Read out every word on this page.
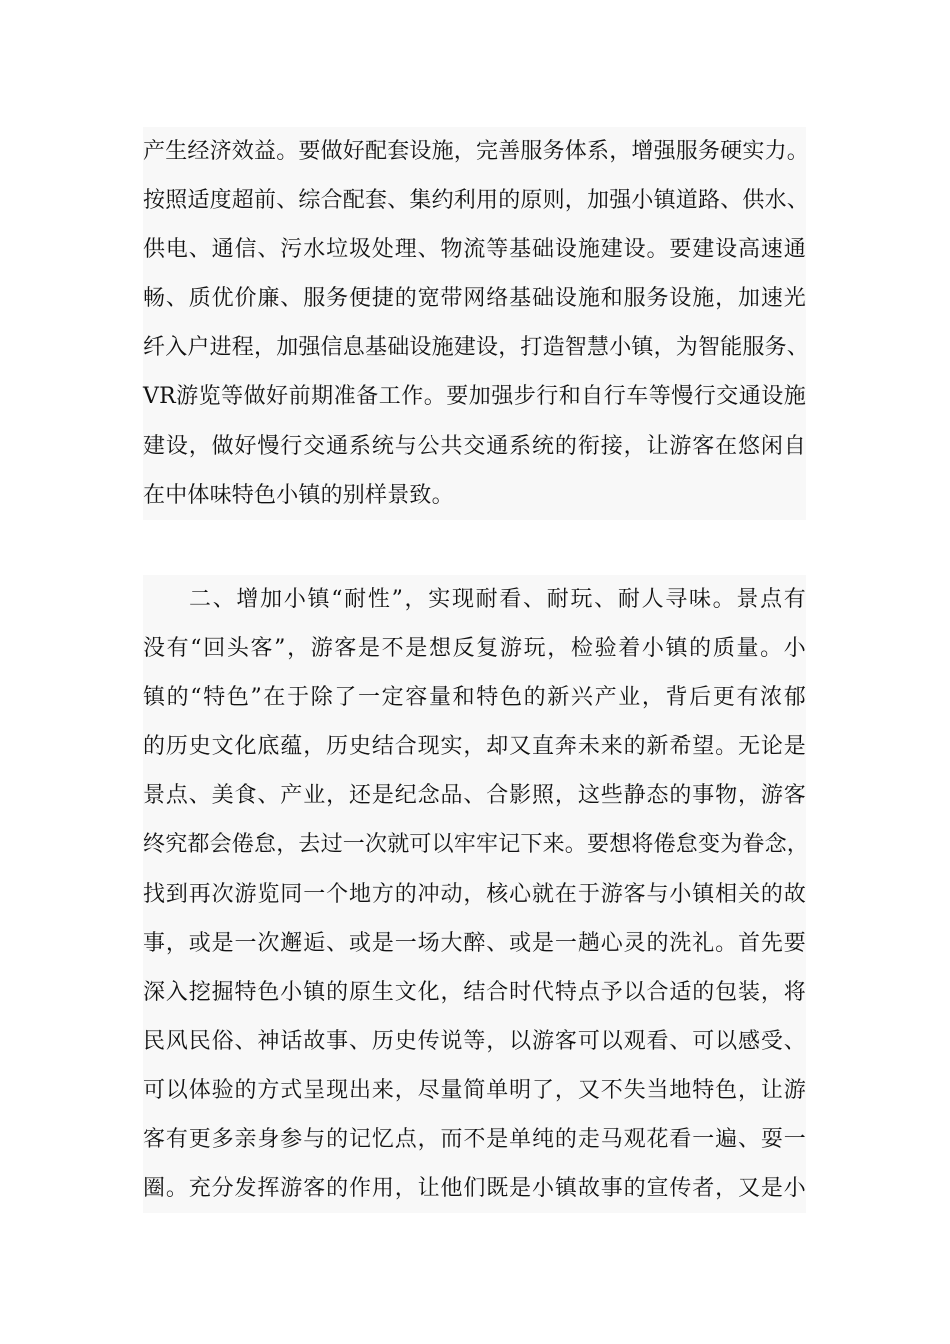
产生经济效益。要做好配套设施，完善服务体系，增强服务硬实力。
按照适度超前、综合配套、集约利用的原则，加强小镇道路、供水、
供电、通信、污水垃圾处理、物流等基础设施建设。要建设高速通
畅、质优价廉、服务便捷的宽带网络基础设施和服务设施，加速光
纤入户进程，加强信息基础设施建设，打造智慧小镇，为智能服务、
VR游览等做好前期准备工作。要加强步行和自行车等慢行交通设施
建设，做好慢行交通系统与公共交通系统的衔接，让游客在悠闲自
在中体味特色小镇的别样景致。
二、增加小镇“耐性”，实现耐看、耐玩、耐人寻味。景点有
没有“回头客”，游客是不是想反复游玩，检验着小镇的质量。小
镇的“特色”在于除了一定容量和特色的新兴产业，背后更有浓郁
的历史文化底蕴，历史结合现实，却又直奔未来的新希望。无论是
景点、美食、产业，还是纪念品、合影照，这些静态的事物，游客
终究都会倦怠，去过一次就可以牢牢记下来。要想将倦怠变为眷念，
找到再次游览同一个地方的冲动，核心就在于游客与小镇相关的故
事，或是一次邂逅、或是一场大醉、或是一趟心灵的洗礼。首先要
深入挖掘特色小镇的原生文化，结合时代特点予以合适的包装，将
民风民俗、神话故事、历史传说等，以游客可以观看、可以感受、
可以体验的方式呈现出来，尽量简单明了，又不失当地特色，让游
客有更多亲身参与的记忆点，而不是单纯的走马观花看一遍、耍一
圈。充分发挥游客的作用，让他们既是小镇故事的宣传者，又是小
